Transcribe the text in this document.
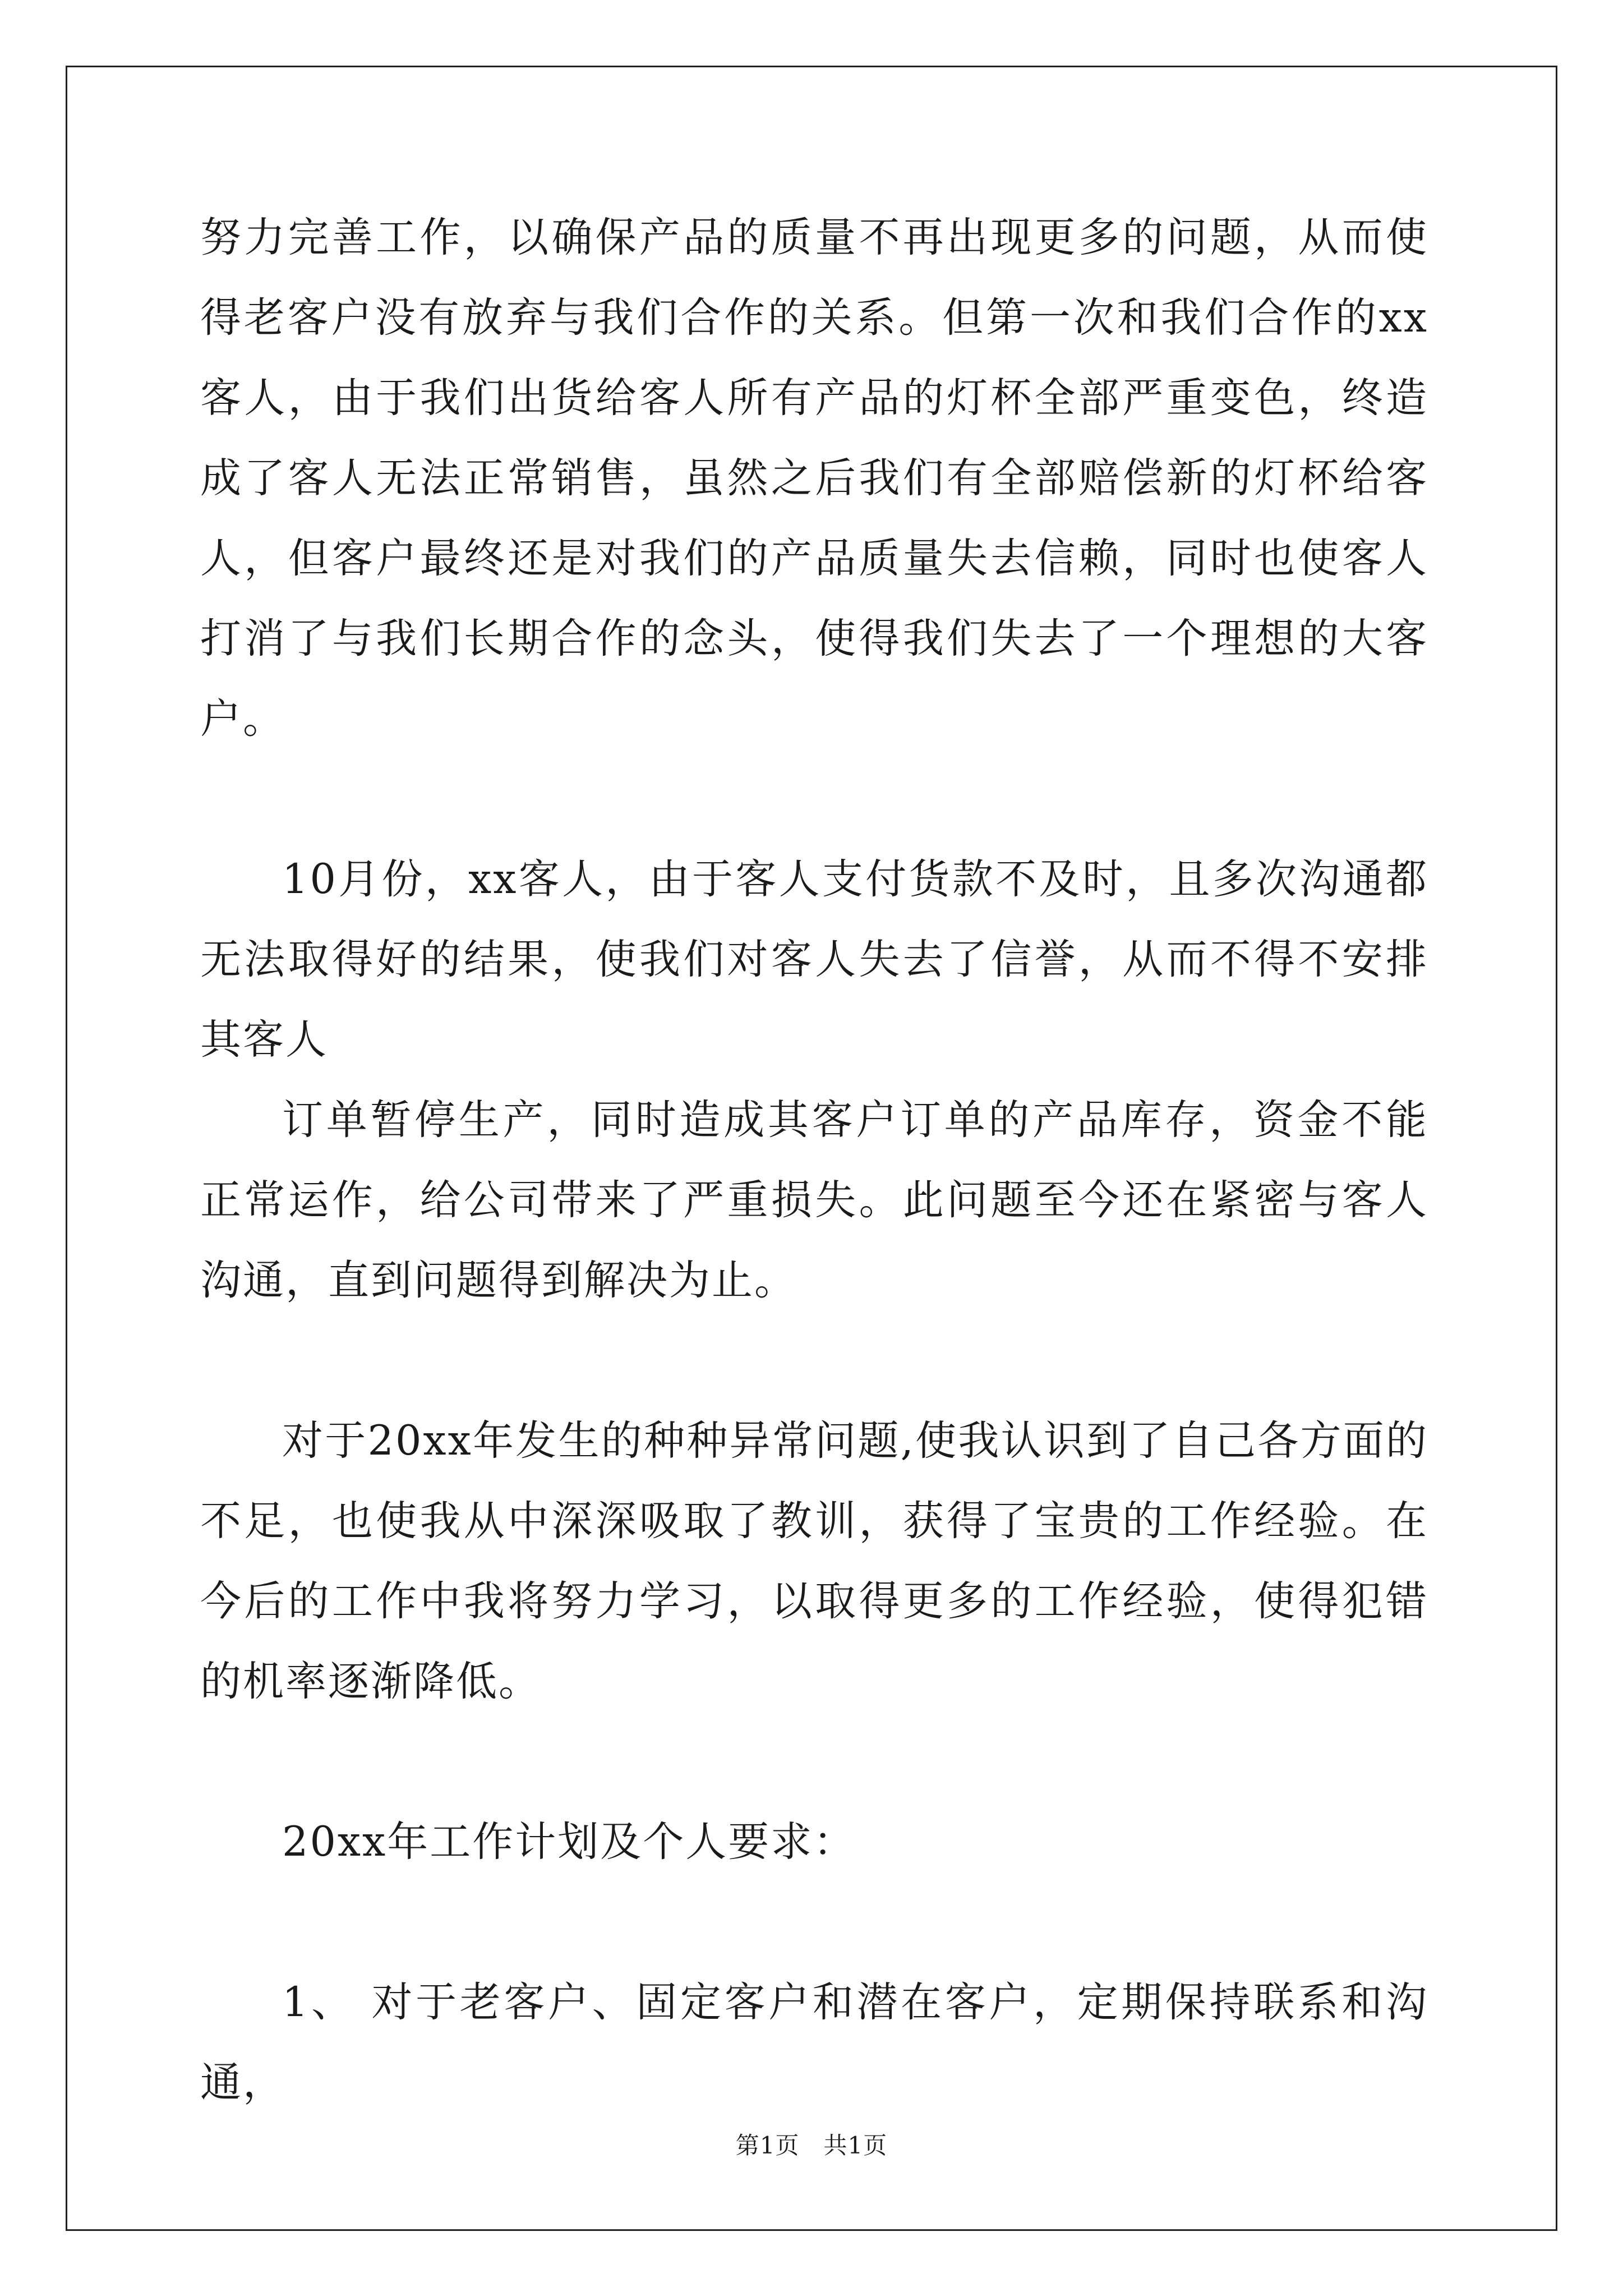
努力完善工作，以确保产品的质量不再出现更多的问题，从而使得老客户没有放弃与我们合作的关系。但第一次和我们合作的xx客人，由于我们出货给客人所有产品的灯杯全部严重变色，终造成了客人无法正常销售，虽然之后我们有全部赔偿新的灯杯给客人，但客户最终还是对我们的产品质量失去信赖，同时也使客人打消了与我们长期合作的念头，使得我们失去了一个理想的大客户。

10月份，xx客人，由于客人支付货款不及时，且多次沟通都无法取得好的结果，使我们对客人失去了信誉，从而不得不安排其客人

订单暂停生产，同时造成其客户订单的产品库存，资金不能正常运作，给公司带来了严重损失。此问题至今还在紧密与客人沟通，直到问题得到解决为止。

对于20xx年发生的种种异常问题,使我认识到了自己各方面的不足，也使我从中深深吸取了教训，获得了宝贵的工作经验。在今后的工作中我将努力学习，以取得更多的工作经验，使得犯错的机率逐渐降低。

20xx年工作计划及个人要求：

1、 对于老客户、固定客户和潜在客户，定期保持联系和沟通，

第1页　共1页
